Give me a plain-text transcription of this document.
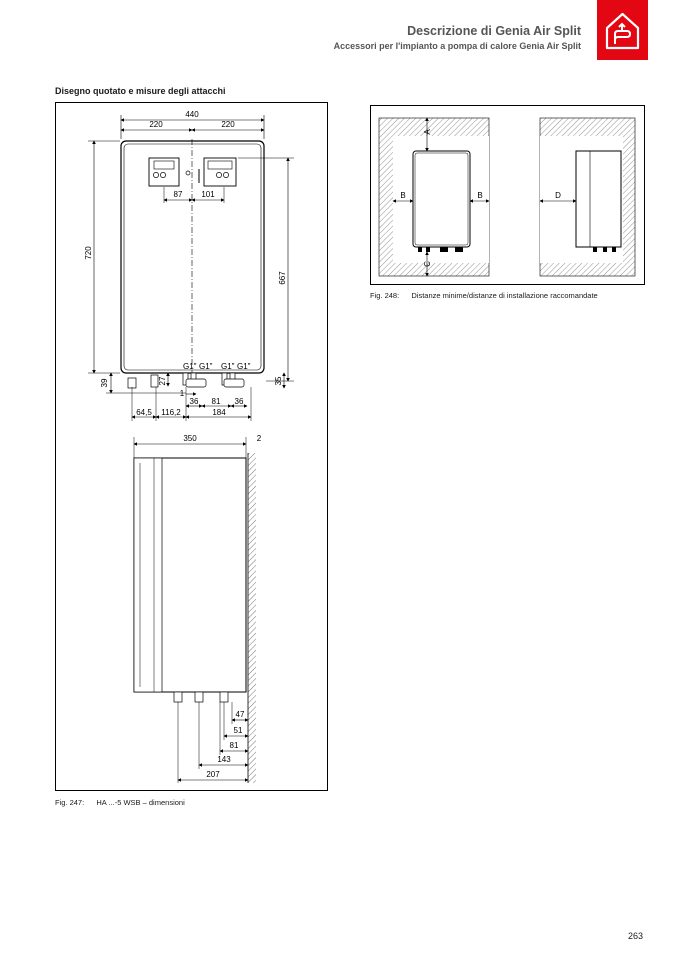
Descrizione di Genia Air Split
Accessori per l'impianto a pompa di calore Genia Air Split
Disegno quotato e misure degli attacchi
440
220	220
87 101
720
667
G1" G1" G1" G1"
39	27	35
1
36 81 36
184
64,5 116,2
350	2
47
51
81
143
207
Fig. 247: HA ...-5 WSB – dimensioni
A
B	B
C
D
Fig. 248: Distanze minime/distanze di installazione raccomandate
263
